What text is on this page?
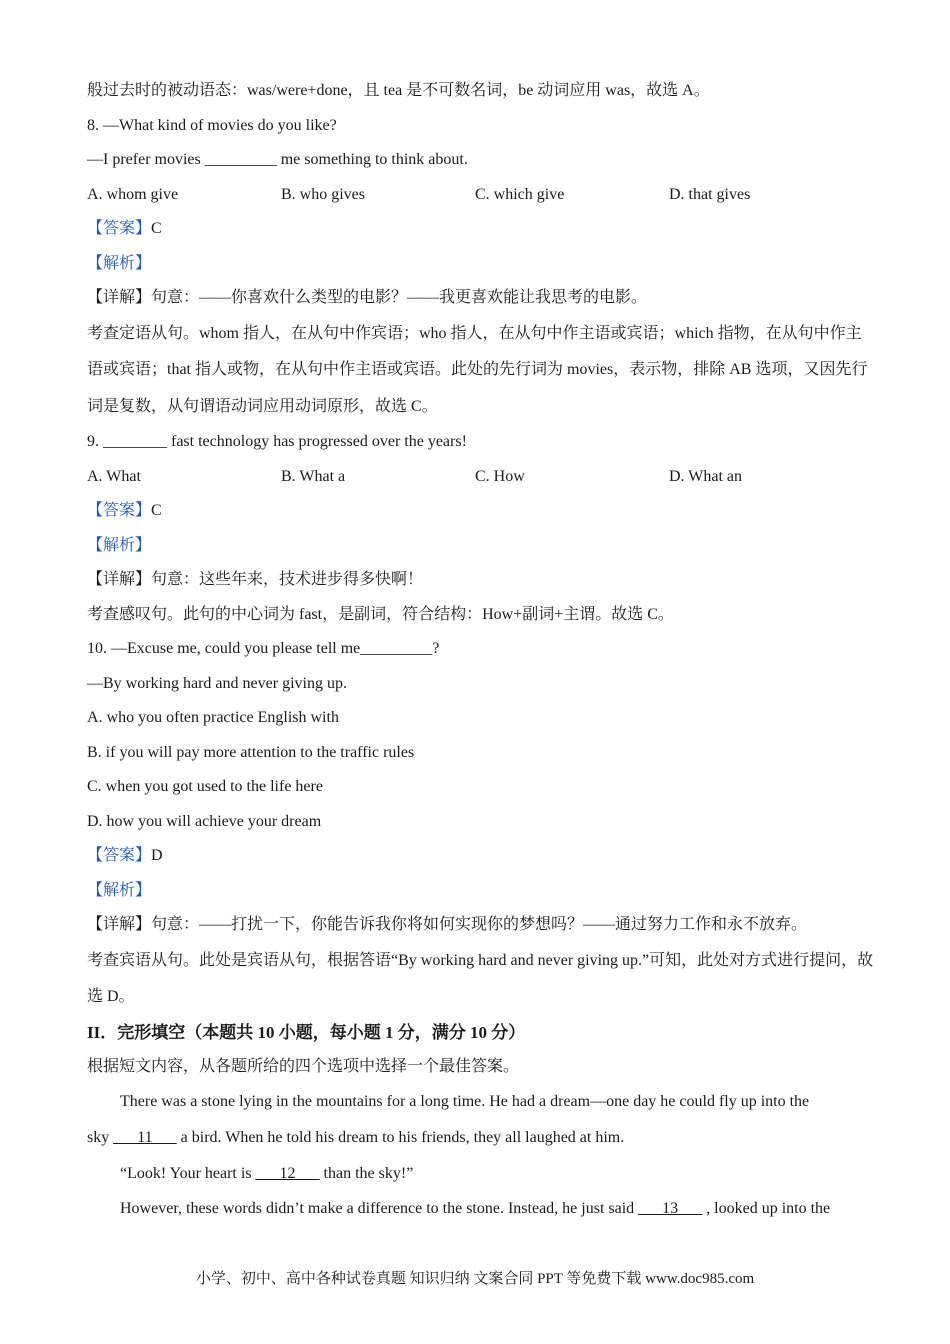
般过去时的被动语态：was/were+done，且 tea 是不可数名词，be 动词应用 was，故选 A。
8. —What kind of movies do you like?
—I prefer movies _________ me something to think about.
A. whom give	B. who gives	C. which give	D. that gives
【答案】C
【解析】
【详解】句意：——你喜欢什么类型的电影？——我更喜欢能让我思考的电影。
考查定语从句。whom 指人，在从句中作宾语；who 指人，在从句中作主语或宾语；which 指物，在从句中作主语或宾语；that 指人或物，在从句中作主语或宾语。此处的先行词为 movies，表示物，排除 AB 选项，又因先行词是复数，从句谓语动词应用动词原形，故选 C。
9. ________ fast technology has progressed over the years!
A. What	B. What a	C. How	D. What an
【答案】C
【解析】
【详解】句意：这些年来，技术进步得多快啊！
考查感叹句。此句的中心词为 fast，是副词，符合结构：How+副词+主谓。故选 C。
10. —Excuse me, could you please tell me_________?
—By working hard and never giving up.
A. who you often practice English with
B. if you will pay more attention to the traffic rules
C. when you got used to the life here
D. how you will achieve your dream
【答案】D
【解析】
【详解】句意：——打扰一下，你能告诉我你将如何实现你的梦想吗？——通过努力工作和永不放弃。
考查宾语从句。此处是宾语从句，根据答语“By working hard and never giving up.”可知，此处对方式进行提问，故选 D。
II．完形填空（本题共 10 小题，每小题 1 分，满分 10 分）
根据短文内容，从各题所给的四个选项中选择一个最佳答案。
There was a stone lying in the mountains for a long time. He had a dream—one day he could fly up into the
sky ___11___ a bird. When he told his dream to his friends, they all laughed at him.
“Look! Your heart is ___12___ than the sky!”
However, these words didn’t make a difference to the stone. Instead, he just said ___13___ , looked up into the
小学、初中、高中各种试卷真题 知识归纳 文案合同 PPT 等免费下载 www.doc985.com
